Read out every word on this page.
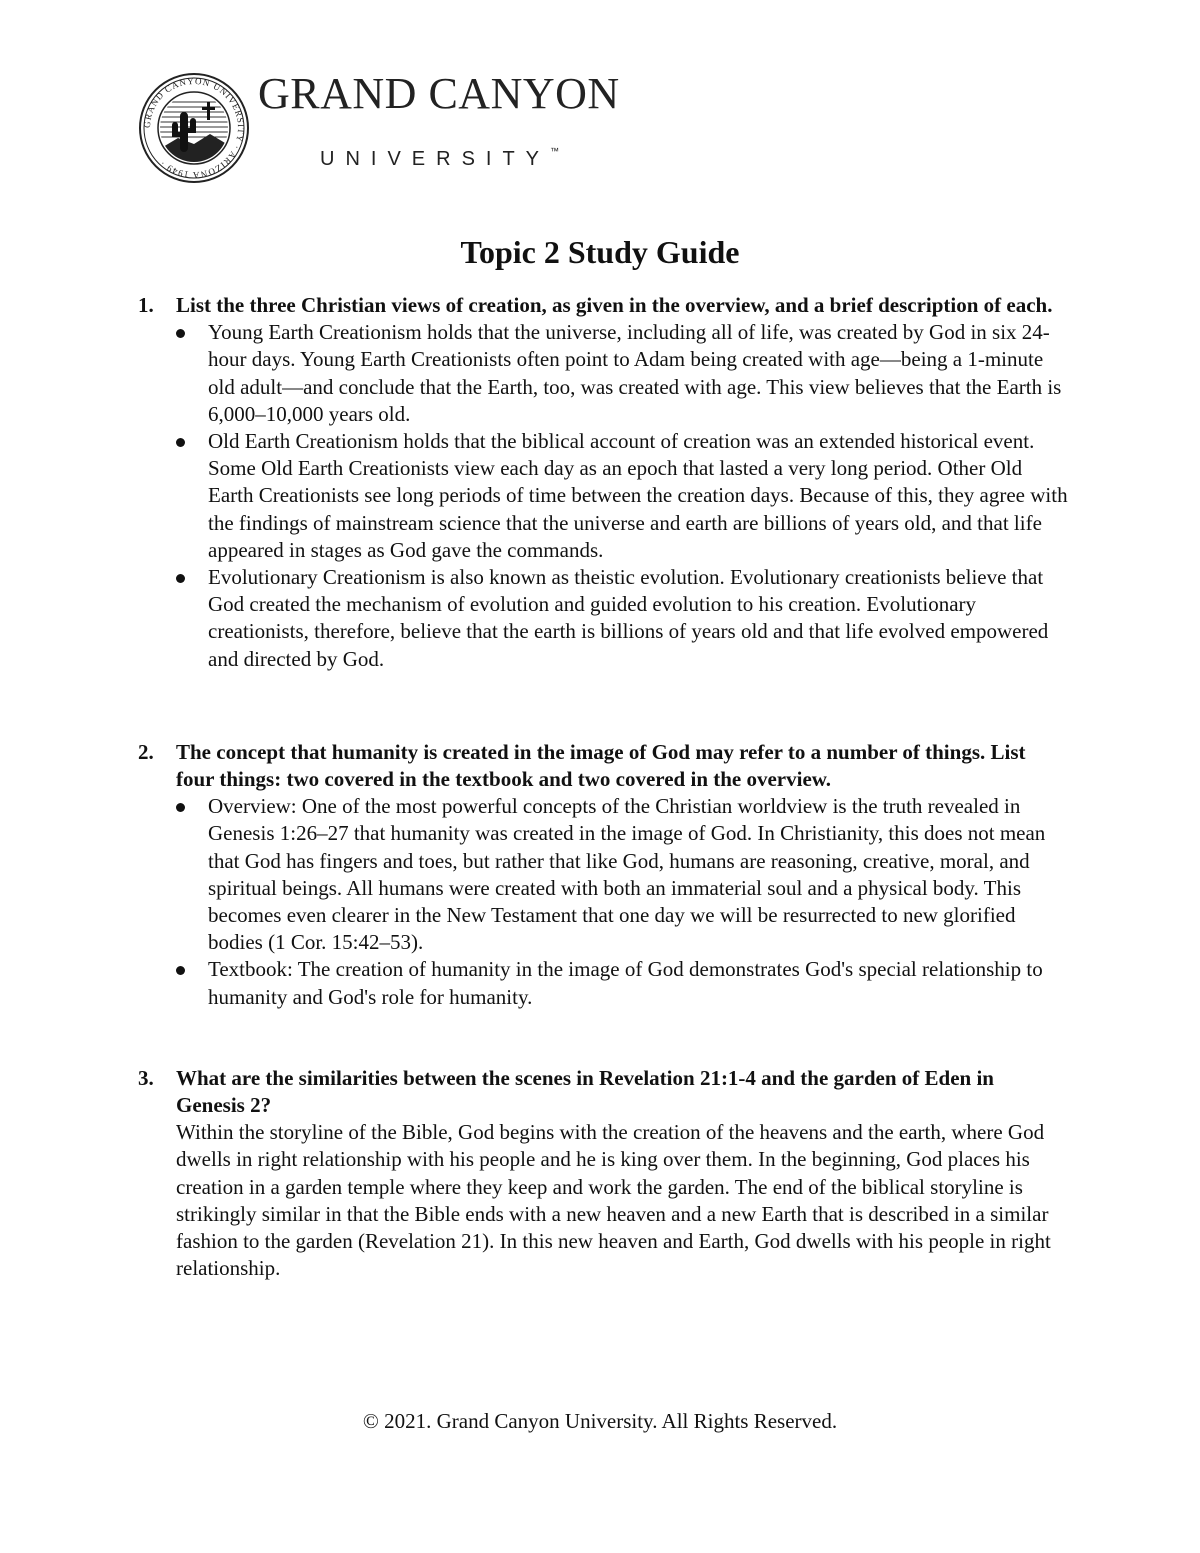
GRAND CANYON UNIVERSITY · ARIZONA 1949 ·
GRAND CANYON
UNIVERSITY™
Topic 2 Study Guide
1. List the three Christian views of creation, as given in the overview, and a brief description of each.
Young Earth Creationism holds that the universe, including all of life, was created by God in six 24-hour days. Young Earth Creationists often point to Adam being created with age—being a 1-minute old adult—and conclude that the Earth, too, was created with age. This view believes that the Earth is 6,000–10,000 years old.
Old Earth Creationism holds that the biblical account of creation was an extended historical event. Some Old Earth Creationists view each day as an epoch that lasted a very long period. Other Old Earth Creationists see long periods of time between the creation days. Because of this, they agree with the findings of mainstream science that the universe and earth are billions of years old, and that life appeared in stages as God gave the commands.
Evolutionary Creationism is also known as theistic evolution. Evolutionary creationists believe that God created the mechanism of evolution and guided evolution to his creation. Evolutionary creationists, therefore, believe that the earth is billions of years old and that life evolved empowered and directed by God.
2. The concept that humanity is created in the image of God may refer to a number of things. List four things: two covered in the textbook and two covered in the overview.
Overview: One of the most powerful concepts of the Christian worldview is the truth revealed in Genesis 1:26–27 that humanity was created in the image of God. In Christianity, this does not mean that God has fingers and toes, but rather that like God, humans are reasoning, creative, moral, and spiritual beings. All humans were created with both an immaterial soul and a physical body. This becomes even clearer in the New Testament that one day we will be resurrected to new glorified bodies (1 Cor. 15:42–53).
Textbook: The creation of humanity in the image of God demonstrates God's special relationship to humanity and God's role for humanity.
3. What are the similarities between the scenes in Revelation 21:1-4 and the garden of Eden in Genesis 2?
Within the storyline of the Bible, God begins with the creation of the heavens and the earth, where God dwells in right relationship with his people and he is king over them. In the beginning, God places his creation in a garden temple where they keep and work the garden. The end of the biblical storyline is strikingly similar in that the Bible ends with a new heaven and a new Earth that is described in a similar fashion to the garden (Revelation 21). In this new heaven and Earth, God dwells with his people in right relationship.
© 2021. Grand Canyon University. All Rights Reserved.
